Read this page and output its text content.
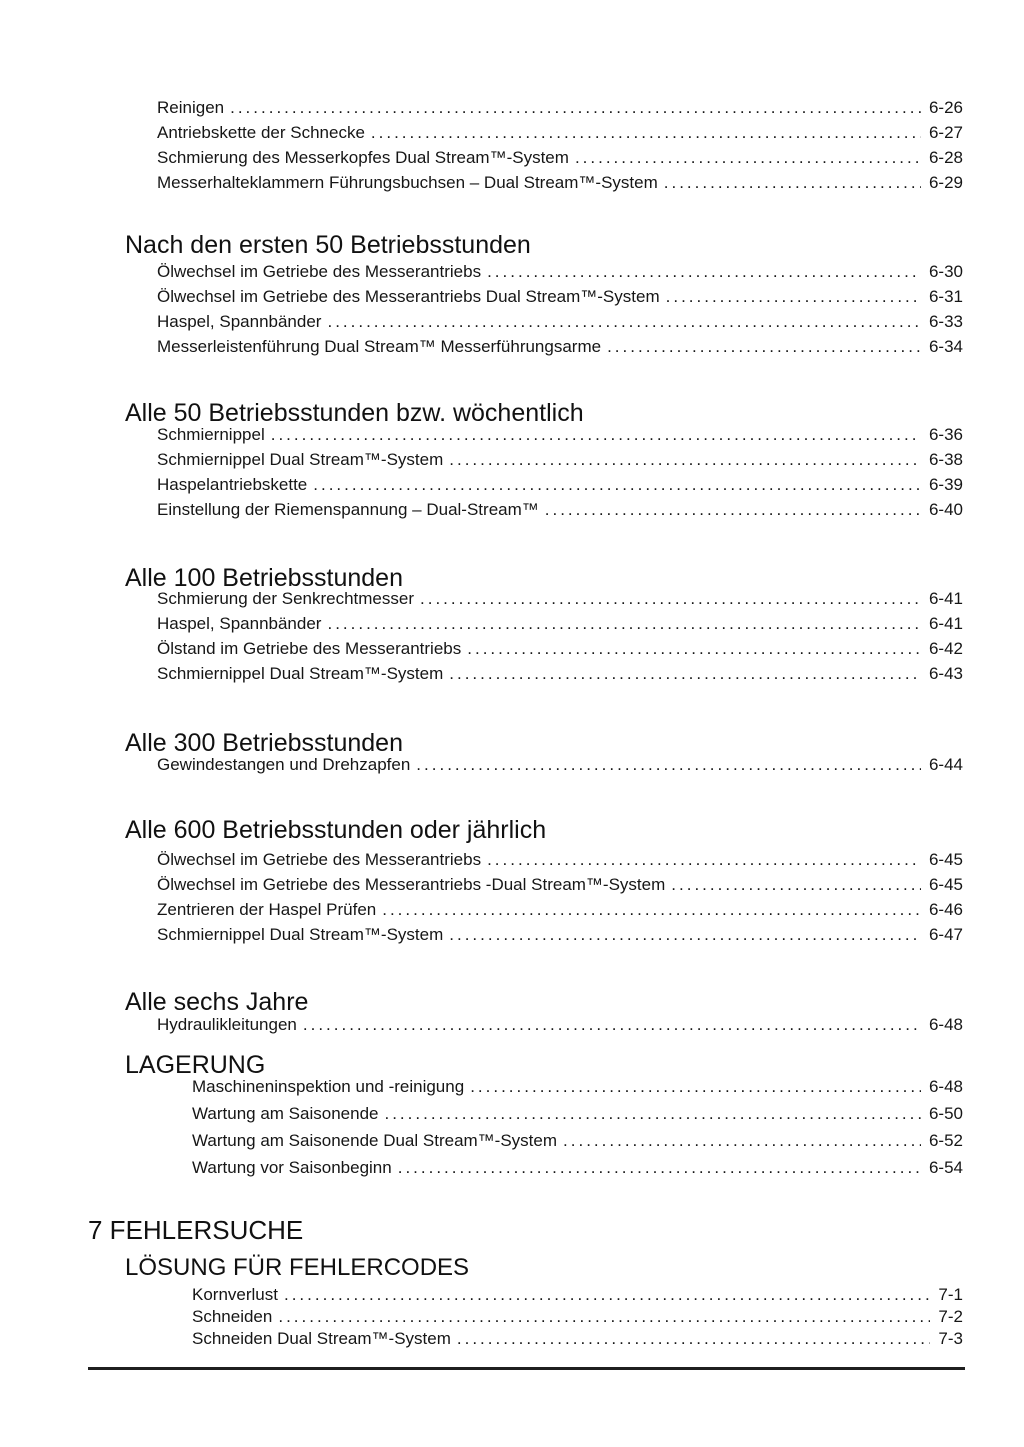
Reinigen .....	6-26
Antriebskette der Schnecke .....	6-27
Schmierung des Messerkopfes Dual Stream™-System .....	6-28
Messerhalteklammern Führungsbuchsen – Dual Stream™-System .....	6-29
Nach den ersten 50 Betriebsstunden
Ölwechsel im Getriebe des Messerantriebs .....	6-30
Ölwechsel im Getriebe des Messerantriebs Dual Stream™-System .....	6-31
Haspel, Spannbänder .....	6-33
Messerleistenführung Dual Stream™ Messerführungsarme .....	6-34
Alle 50 Betriebsstunden bzw. wöchentlich
Schmiernippel .....	6-36
Schmiernippel Dual Stream™-System .....	6-38
Haspelantriebskette .....	6-39
Einstellung der Riemenspannung – Dual-Stream™ .....	6-40
Alle 100 Betriebsstunden
Schmierung der Senkrechtmesser .....	6-41
Haspel, Spannbänder .....	6-41
Ölstand im Getriebe des Messerantriebs .....	6-42
Schmiernippel Dual Stream™-System .....	6-43
Alle 300 Betriebsstunden
Gewindestangen und Drehzapfen .....	6-44
Alle 600 Betriebsstunden oder jährlich
Ölwechsel im Getriebe des Messerantriebs .....	6-45
Ölwechsel im Getriebe des Messerantriebs -Dual Stream™-System .....	6-45
Zentrieren der Haspel Prüfen .....	6-46
Schmiernippel Dual Stream™-System .....	6-47
Alle sechs Jahre
Hydraulikleitungen .....	6-48
LAGERUNG
Maschineninspektion und -reinigung .....	6-48
Wartung am Saisonende .....	6-50
Wartung am Saisonende Dual Stream™-System .....	6-52
Wartung vor Saisonbeginn .....	6-54
7 FEHLERSUCHE
LÖSUNG FÜR FEHLERCODES
Kornverlust .....	7-1
Schneiden .....	7-2
Schneiden Dual Stream™-System .....	7-3
